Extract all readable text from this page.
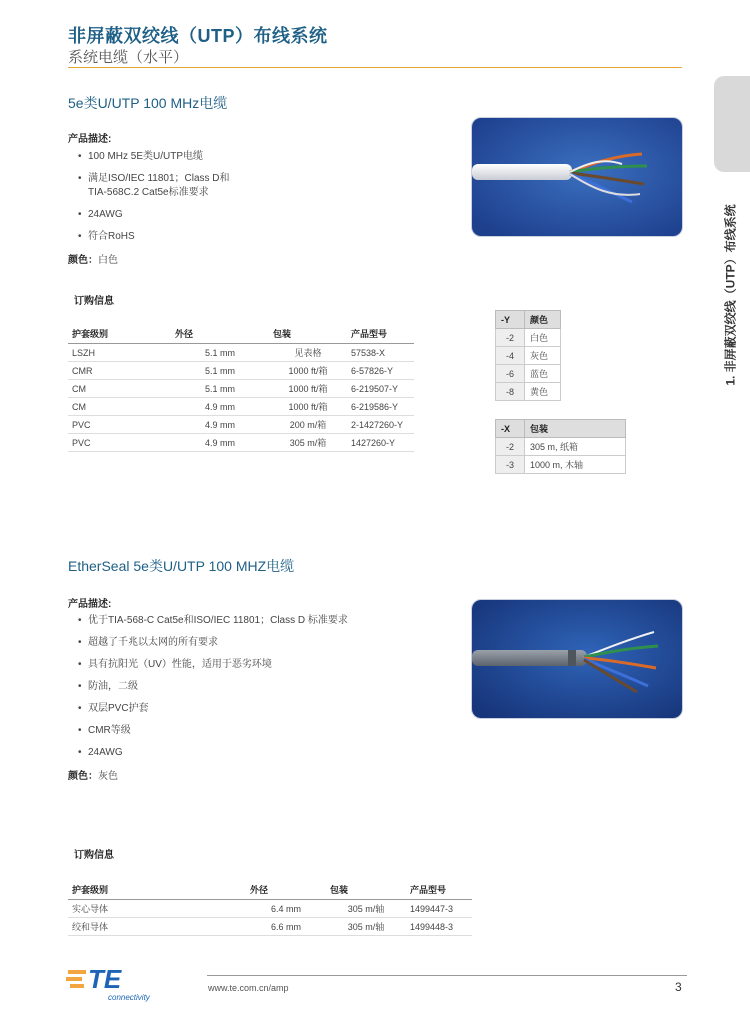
非屏蔽双绞线（UTP）布线系统
系统电缆（水平）
1. 非屏蔽双绞线（UTP）布线系统
5e类U/UTP 100 MHz电缆
产品描述:
• 100 MHz 5E类U/UTP电缆
• 满足ISO/IEC 11801；Class D和
TIA-568C.2 Cat5e标准要求
• 24AWG
• 符合RoHS
颜色：白色
订购信息
护套级别	外径	包装	产品型号
LSZH	5.1 mm	见表格	57538-X
CMR	5.1 mm	1000 ft/箱	6-57826-Y
CM	5.1 mm	1000 ft/箱	6-219507-Y
CM	4.9 mm	1000 ft/箱	6-219586-Y
PVC	4.9 mm	200 m/箱	2-1427260-Y
PVC	4.9 mm	305 m/箱	1427260-Y
-Y	颜色
-2	白色
-4	灰色
-6	蓝色
-8	黄色
-X	包装
-2	305 m, 纸箱
-3	1000 m, 木轴
EtherSeal 5e类U/UTP 100 MHZ电缆
产品描述:
• 优于TIA-568-C Cat5e和ISO/IEC 11801；Class D 标准要求
• 超越了千兆以太网的所有要求
• 具有抗阳光（UV）性能，适用于恶劣环境
• 防油，二级
• 双层PVC护套
• CMR等级
• 24AWG
颜色：灰色
订购信息
护套级别	外径	包装	产品型号
实心导体	6.4 mm	305 m/轴	1499447-3
绞和导体	6.6 mm	305 m/轴	1499448-3
TE
connectivity
www.te.com.cn/amp	3
